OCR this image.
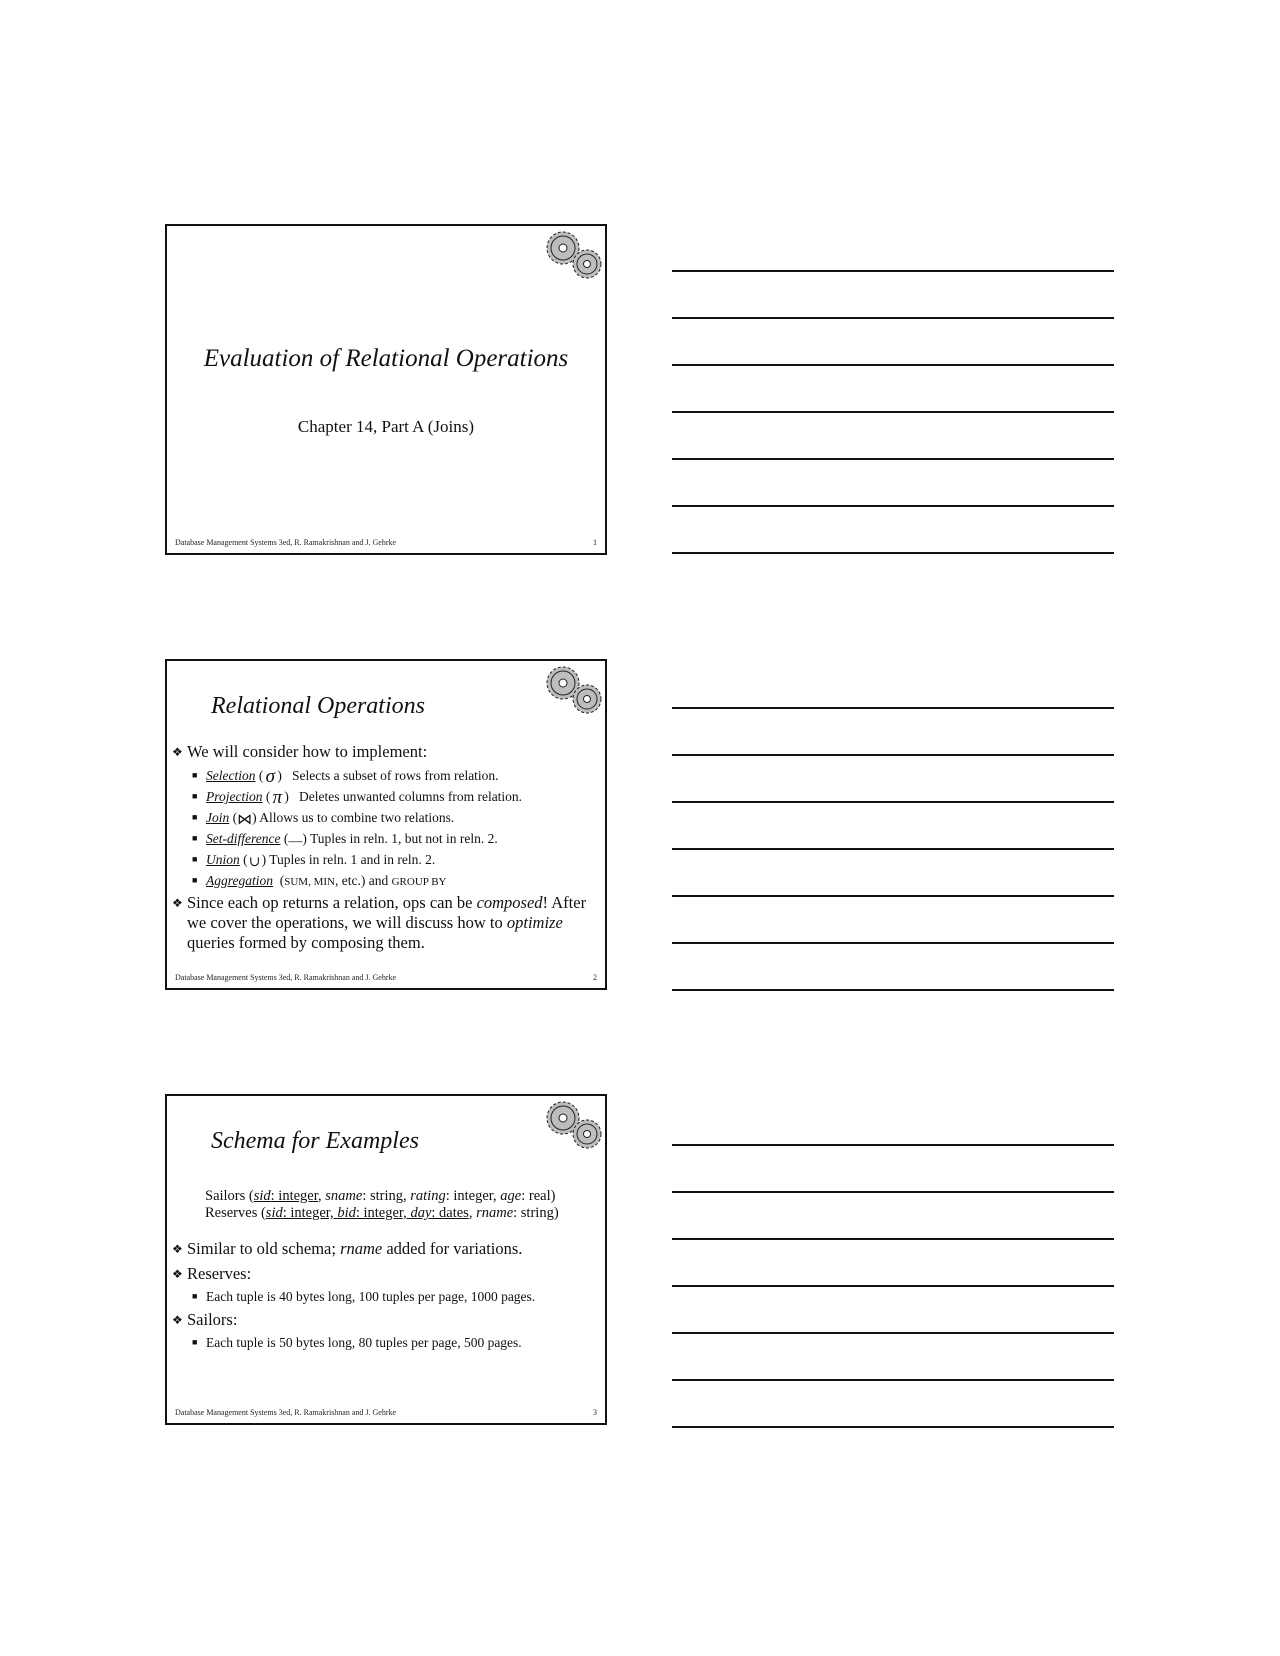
Evaluation of Relational Operations
Chapter 14, Part A (Joins)
Database Management Systems 3ed, R. Ramakrishnan and J. Gehrke	1
Relational Operations
❖ We will consider how to implement:
■ Selection ( σ )   Selects a subset of rows from relation.
■ Projection ( π )   Deletes unwanted columns from relation.
■ Join (⋈) Allows us to combine two relations.
■ Set-difference (—) Tuples in reln. 1, but not in reln. 2.
■ Union (∪) Tuples in reln. 1 and in reln. 2.
■ Aggregation  (SUM, MIN, etc.) and GROUP BY
❖ Since each op returns a relation, ops can be composed! After we cover the operations, we will discuss how to optimize queries formed by composing them.
Database Management Systems 3ed, R. Ramakrishnan and J. Gehrke	2
Schema for Examples
Sailors (sid: integer, sname: string, rating: integer, age: real)
Reserves (sid: integer, bid: integer, day: dates, rname: string)
❖ Similar to old schema; rname added for variations.
❖ Reserves:
■ Each tuple is 40 bytes long, 100 tuples per page, 1000 pages.
❖ Sailors:
■ Each tuple is 50 bytes long, 80 tuples per page, 500 pages.
Database Management Systems 3ed, R. Ramakrishnan and J. Gehrke	3
